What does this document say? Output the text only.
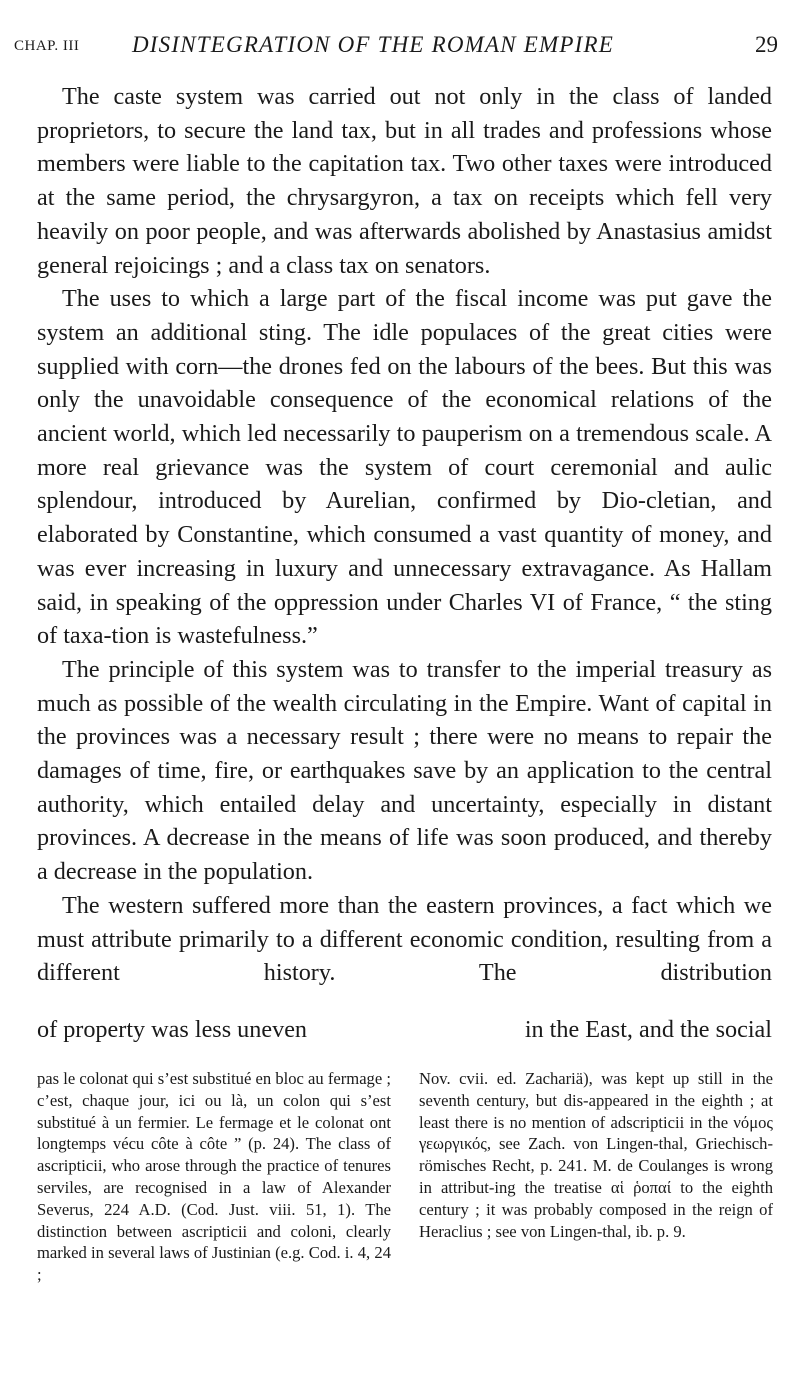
CHAP. III DISINTEGRATION OF THE ROMAN EMPIRE	29

The caste system was carried out not only in the class of landed proprietors, to secure the land tax, but in all trades and professions whose members were liable to the capitation tax. Two other taxes were introduced at the same period, the chrysargyron, a tax on receipts which fell very heavily on poor people, and was afterwards abolished by Anastasius amidst general rejoicings ; and a class tax on senators.

The uses to which a large part of the fiscal income was put gave the system an additional sting. The idle populaces of the great cities were supplied with corn—the drones fed on the labours of the bees. But this was only the unavoidable consequence of the economical relations of the ancient world, which led necessarily to pauperism on a tremendous scale. A more real grievance was the system of court ceremonial and aulic splendour, introduced by Aurelian, confirmed by Dio-cletian, and elaborated by Constantine, which consumed a vast quantity of money, and was ever increasing in luxury and unnecessary extravagance. As Hallam said, in speaking of the oppression under Charles VI of France, “ the sting of taxa-tion is wastefulness.”

The principle of this system was to transfer to the imperial treasury as much as possible of the wealth circulating in the Empire. Want of capital in the provinces was a necessary result ; there were no means to repair the damages of time, fire, or earthquakes save by an application to the central authority, which entailed delay and uncertainty, especially in distant provinces. A decrease in the means of life was soon produced, and thereby a decrease in the population.

The western suffered more than the eastern provinces, a fact which we must attribute primarily to a different economic condition, resulting from a different history. The distribution

of property was less uneven	in the East, and the social

pas le colonat qui s’est substitué en bloc au fermage ; c’est, chaque jour, ici ou là, un colon qui s’est substitué à un fermier. Le fermage et le colonat ont longtemps vécu côte à côte ” (p. 24). The class of ascripticii, who arose through the practice of tenures serviles, are recognised in a law of Alexander Severus, 224 A.D. (Cod. Just. viii. 51, 1). The distinction between ascripticii and coloni, clearly marked in several laws of Justinian (e.g. Cod. i. 4, 24 ;

Nov. cvii. ed. Zachariä), was kept up still in the seventh century, but dis-appeared in the eighth ; at least there is no mention of adscripticii in the νόμος γεωργικός, see Zach. von Lingen-thal, Griechisch-römisches Recht, p. 241. M. de Coulanges is wrong in attribut-ing the treatise αἱ ῥοπαί to the eighth century ; it was probably composed in the reign of Heraclius ; see von Lingen-thal, ib. p. 9.
